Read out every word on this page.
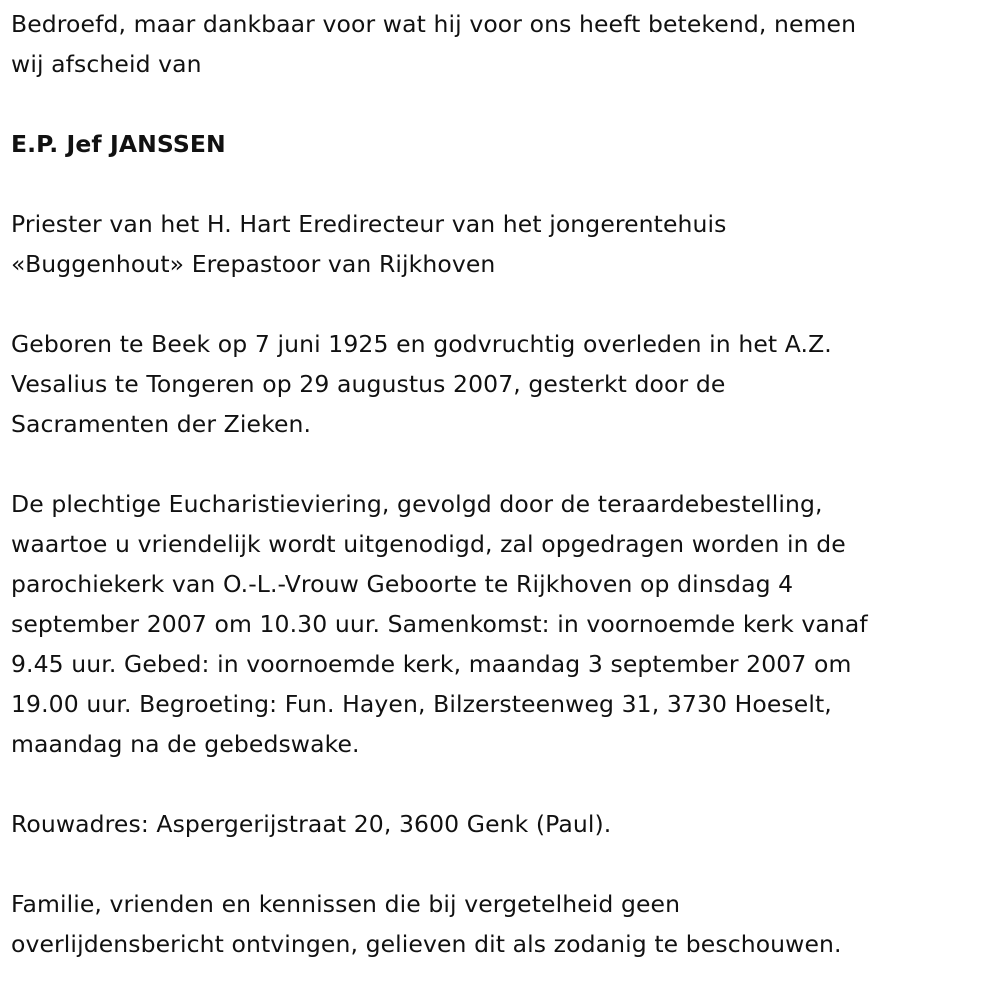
Bedroefd, maar dankbaar voor wat hij voor ons heeft betekend, nemen
wij afscheid van

E.P. Jef JANSSEN

Priester van het H. Hart Eredirecteur van het jongerentehuis
«Buggenhout» Erepastoor van Rijkhoven

Geboren te Beek op 7 juni 1925 en godvruchtig overleden in het A.Z.
Vesalius te Tongeren op 29 augustus 2007, gesterkt door de
Sacramenten der Zieken.

De plechtige Eucharistieviering, gevolgd door de teraardebestelling,
waartoe u vriendelijk wordt uitgenodigd, zal opgedragen worden in de
parochiekerk van O.-L.-Vrouw Geboorte te Rijkhoven op dinsdag 4
september 2007 om 10.30 uur. Samenkomst: in voornoemde kerk vanaf
9.45 uur. Gebed: in voornoemde kerk, maandag 3 september 2007 om
19.00 uur. Begroeting: Fun. Hayen, Bilzersteenweg 31, 3730 Hoeselt,
maandag na de gebedswake.

Rouwadres: Aspergerijstraat 20, 3600 Genk (Paul).

Familie, vrienden en kennissen die bij vergetelheid geen
overlijdensbericht ontvingen, gelieven dit als zodanig te beschouwen.
